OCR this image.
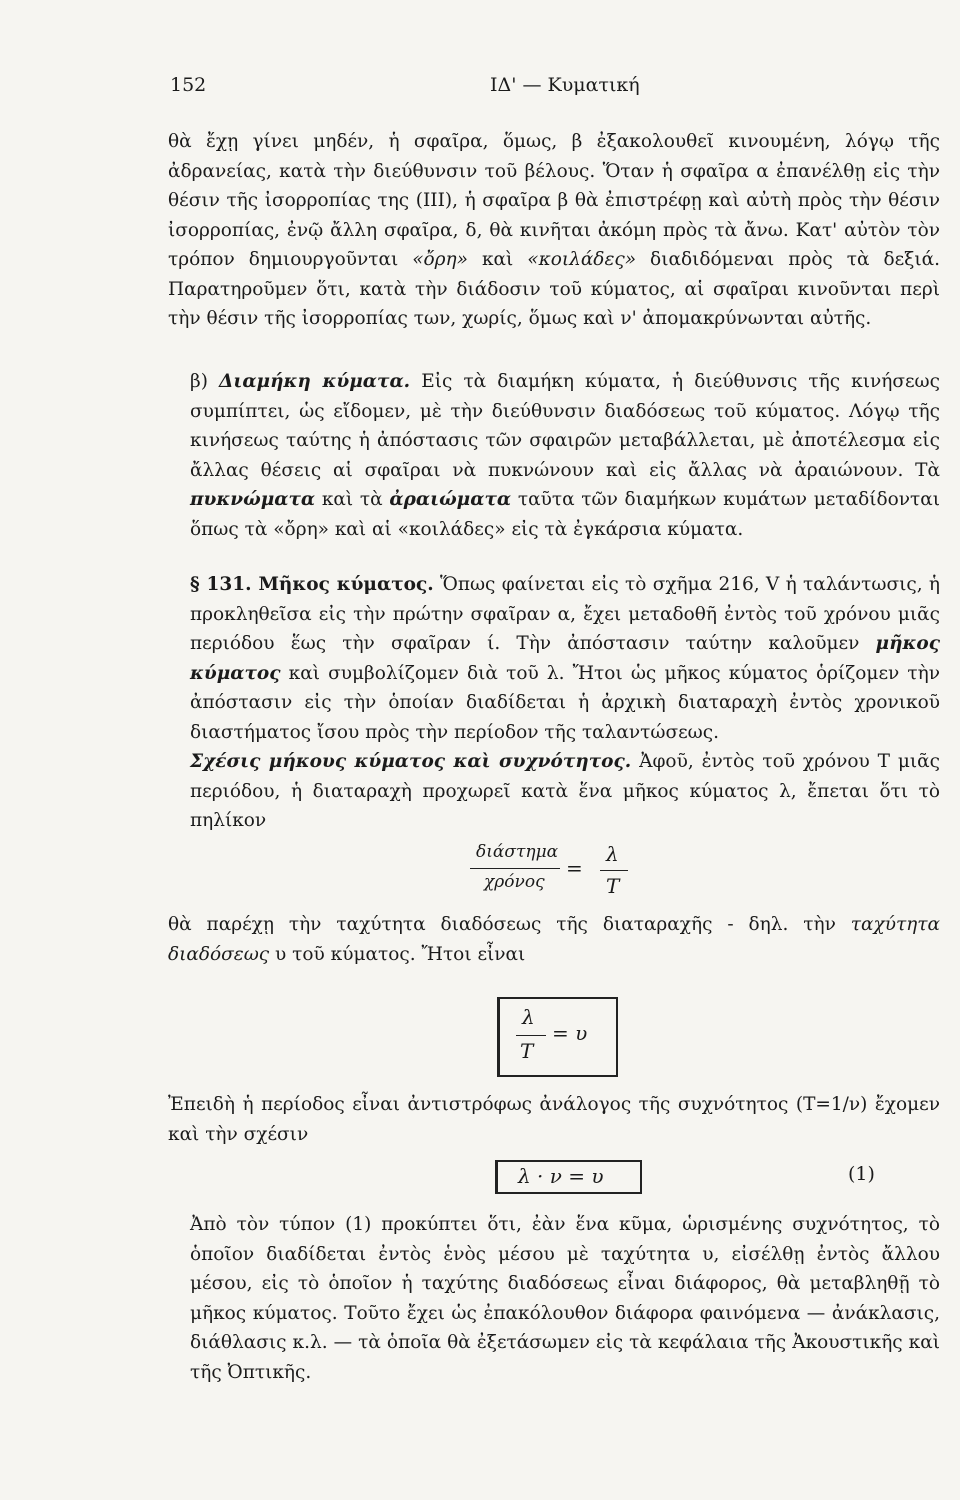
152	ΙΔ' — Κυματική

θὰ ἔχῃ γίνει μηδέν, ἡ σφαῖρα, ὅμως, β ἐξακολουθεῖ κινουμένη, λόγῳ τῆς ἀδρανείας, κατὰ τὴν διεύθυνσιν τοῦ βέλους. Ὅταν ἡ σφαῖρα α ἐπανέλθῃ εἰς τὴν θέσιν τῆς ἰσορροπίας της (III), ἡ σφαῖρα β θὰ ἐπιστρέφῃ καὶ αὐτὴ πρὸς τὴν θέσιν ἰσορροπίας, ἐνῷ ἄλλη σφαῖρα, δ, θὰ κινῆται ἀκόμη πρὸς τὰ ἄνω. Κατ' αὐτὸν τὸν τρόπον δημιουργοῦνται «ὄρη» καὶ «κοιλάδες» διαδιδόμεναι πρὸς τὰ δεξιά. Παρατηροῦμεν ὅτι, κατὰ τὴν διάδοσιν τοῦ κύματος, αἱ σφαῖραι κινοῦνται περὶ τὴν θέσιν τῆς ἰσορροπίας των, χωρίς, ὅμως καὶ ν' ἀπομακρύνωνται αὐτῆς.

β) Διαμήκη κύματα. Εἰς τὰ διαμήκη κύματα, ἡ διεύθυνσις τῆς κινήσεως συμπίπτει, ὡς εἴδομεν, μὲ τὴν διεύθυνσιν διαδόσεως τοῦ κύματος. Λόγῳ τῆς κινήσεως ταύτης ἡ ἀπόστασις τῶν σφαιρῶν μεταβάλλεται, μὲ ἀποτέλεσμα εἰς ἄλλας θέσεις αἱ σφαῖραι νὰ πυκνώνουν καὶ εἰς ἄλλας νὰ ἀραιώνουν. Τὰ πυκνώματα καὶ τὰ ἀραιώματα ταῦτα τῶν διαμήκων κυμάτων μεταδίδονται ὅπως τὰ «ὄρη» καὶ αἱ «κοιλάδες» εἰς τὰ ἐγκάρσια κύματα.

§ 131. Μῆκος κύματος. Ὅπως φαίνεται εἰς τὸ σχῆμα 216, V ἡ ταλάντωσις, ἡ προκληθεῖσα εἰς τὴν πρώτην σφαῖραν α, ἔχει μεταδοθῆ ἐντὸς τοῦ χρόνου μιᾶς περιόδου ἕως τὴν σφαῖραν ί. Τὴν ἀπόστασιν ταύτην καλοῦμεν μῆκος κύματος καὶ συμβολίζομεν διὰ τοῦ λ. Ἤτοι ὡς μῆκος κύματος ὁρίζομεν τὴν ἀπόστασιν εἰς τὴν ὁποίαν διαδίδεται ἡ ἀρχικὴ διαταραχὴ ἐντὸς χρονικοῦ διαστήματος ἴσου πρὸς τὴν περίοδον τῆς ταλαντώσεως.

Σχέσις μήκους κύματος καὶ συχνότητος. Ἀφοῦ, ἐντὸς τοῦ χρόνου T μιᾶς περιόδου, ἡ διαταραχὴ προχωρεῖ κατὰ ἕνα μῆκος κύματος λ, ἔπεται ὅτι τὸ πηλίκον

διάστημα
χρόνος
=
λ
T

θὰ παρέχῃ τὴν ταχύτητα διαδόσεως τῆς διαταραχῆς - δηλ. τὴν ταχύτητα διαδόσεως υ τοῦ κύματος. Ἤτοι εἶναι

λ
T
= υ

Ἐπειδὴ ἡ περίοδος εἶναι ἀντιστρόφως ἀνάλογος τῆς συχνότητος (T=1/ν) ἔχομεν καὶ τὴν σχέσιν

λ · ν = υ	(1)

Ἀπὸ τὸν τύπον (1) προκύπτει ὅτι, ἐὰν ἕνα κῦμα, ὡρισμένης συχνότητος, τὸ ὁποῖον διαδίδεται ἐντὸς ἑνὸς μέσου μὲ ταχύτητα υ, εἰσέλθῃ ἐντὸς ἄλλου μέσου, εἰς τὸ ὁποῖον ἡ ταχύτης διαδόσεως εἶναι διάφορος, θὰ μεταβληθῇ τὸ μῆκος κύματος. Τοῦτο ἔχει ὡς ἐπακόλουθον διάφορα φαινόμενα — ἀνάκλασις, διάθλασις κ.λ. — τὰ ὁποῖα θὰ ἐξετάσωμεν εἰς τὰ κεφάλαια τῆς Ἀκουστικῆς καὶ τῆς Ὀπτικῆς.
